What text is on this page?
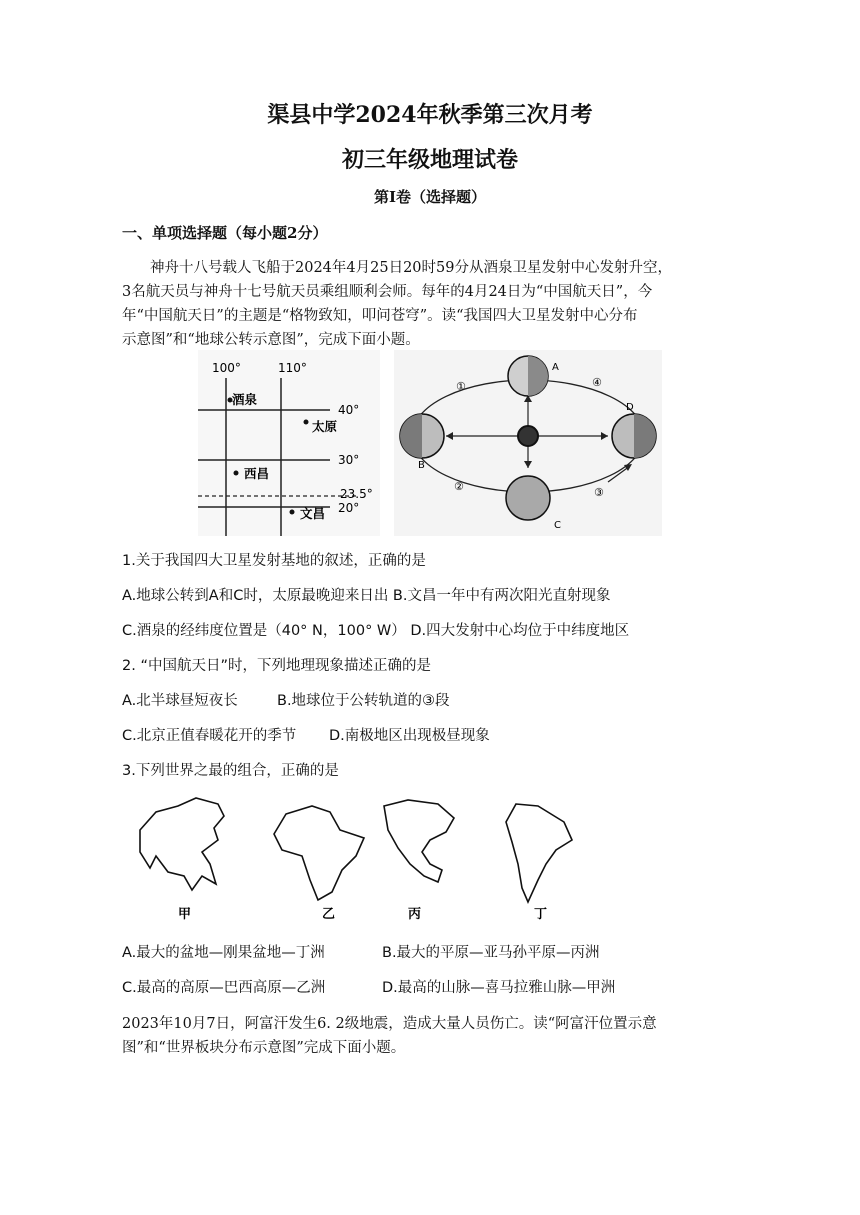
渠县中学2024年秋季第三次月考
初三年级地理试卷
第Ⅰ卷（选择题）
一、单项选择题（每小题2分）
神舟十八号载人飞船于2024年4月25日20时59分从酒泉卫星发射中心发射升空，
3名航天员与神舟十七号航天员乘组顺利会师。每年的4月24日为“中国航天日”，今
年“中国航天日”的主题是“格物致知，叩问苍穹”。读“我国四大卫星发射中心分布
示意图”和“地球公转示意图”，完成下面小题。
100°	110°
40°
30°
23.5°
20°
酒泉
太原
西昌
文昌
A
B
C
D
①
②	③
④
1.关于我国四大卫星发射基地的叙述，正确的是
A.地球公转到A和C时，太原最晚迎来日出 B.文昌一年中有两次阳光直射现象
C.酒泉的经纬度位置是（40° N，100° W） D.四大发射中心均位于中纬度地区
2. “中国航天日”时，下列地理现象描述正确的是
A.北半球昼短夜长	B.地球位于公转轨道的③段
C.北京正值春暖花开的季节 D.南极地区出现极昼现象
3.下列世界之最的组合，正确的是
甲	乙	丙	丁
A.最大的盆地—刚果盆地—丁洲	B.最大的平原—亚马孙平原—丙洲
C.最高的高原—巴西高原—乙洲	D.最高的山脉—喜马拉雅山脉—甲洲
2023年10月7日，阿富汗发生6. 2级地震，造成大量人员伤亡。读“阿富汗位置示意
图”和“世界板块分布示意图”完成下面小题。
